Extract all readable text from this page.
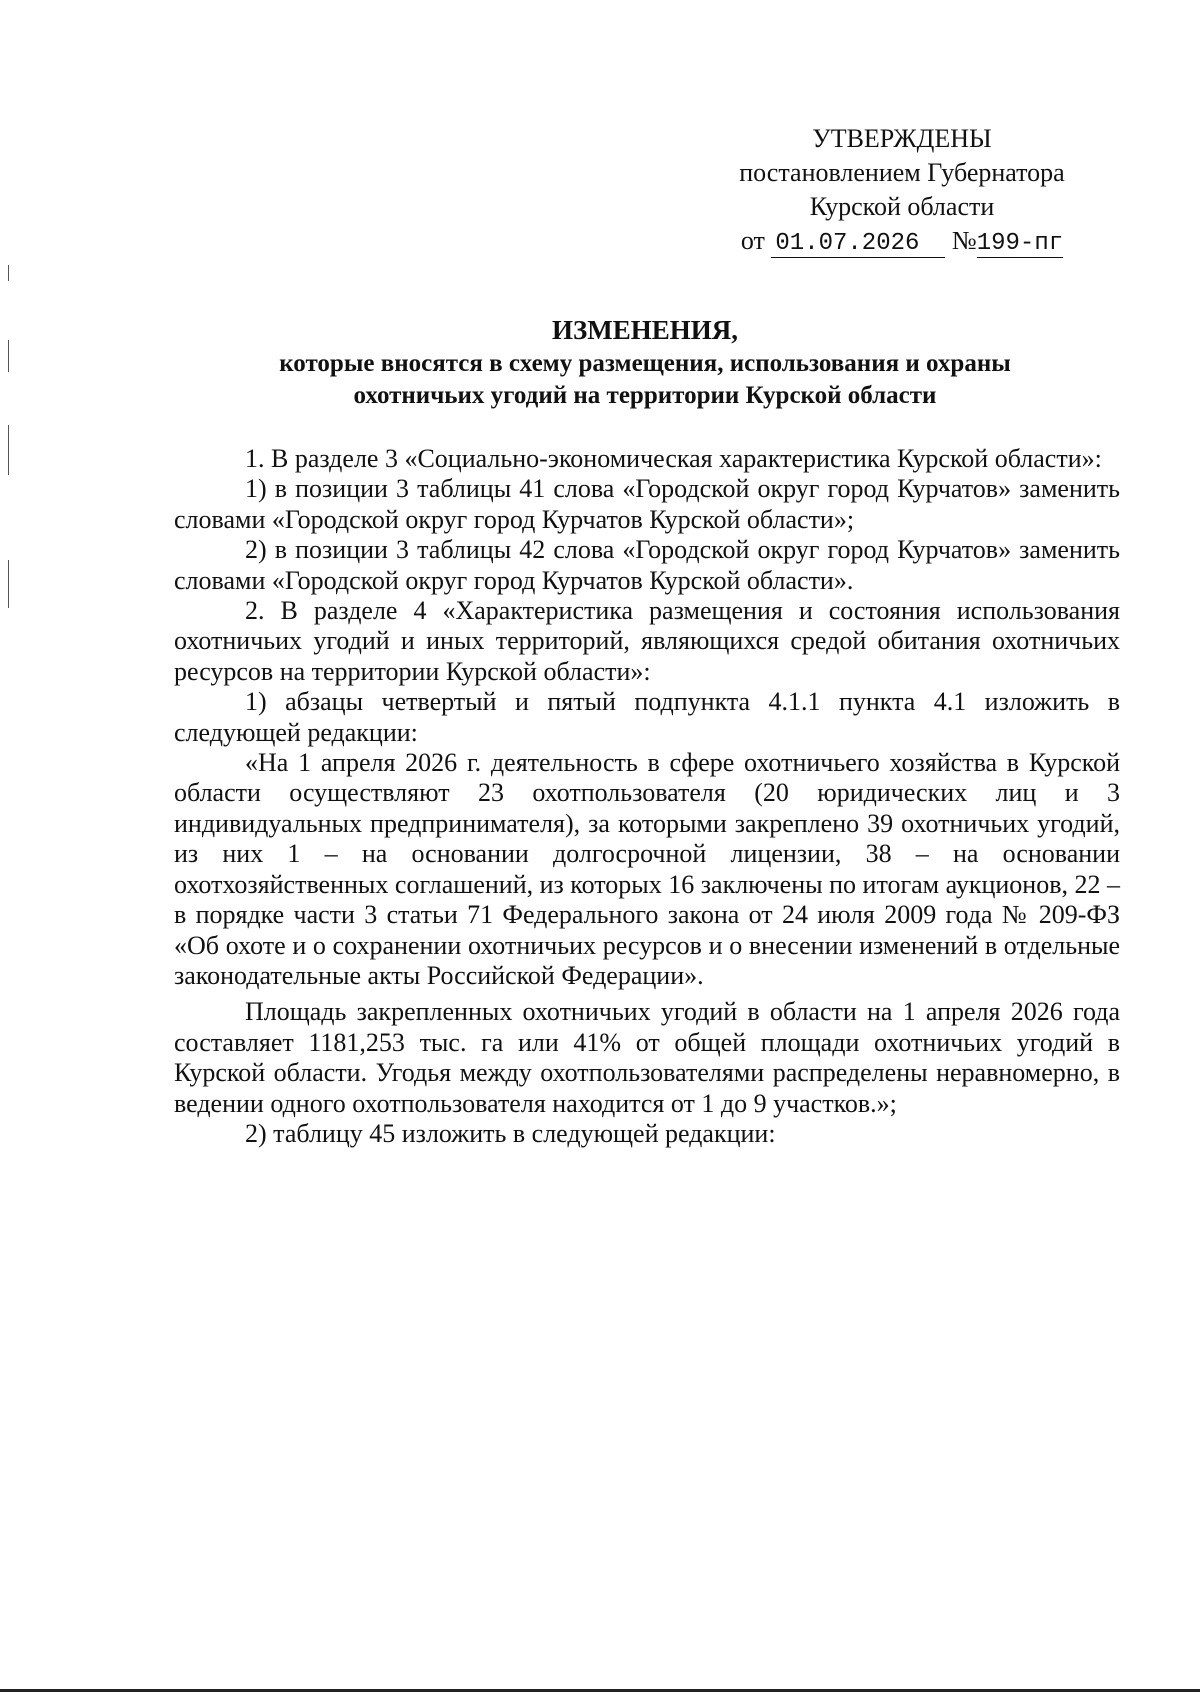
УТВЕРЖДЕНЫ
постановлением Губернатора
Курской области
от 01.07.2026 №199-пг
ИЗМЕНЕНИЯ,
которые вносятся в схему размещения, использования и охраны
охотничьих угодий на территории Курской области

1. В разделе 3 «Социально-экономическая характеристика Курской области»:

1) в позиции 3 таблицы 41 слова «Городской округ город Курчатов» заменить словами «Городской округ город Курчатов Курской области»;

2) в позиции 3 таблицы 42 слова «Городской округ город Курчатов» заменить словами «Городской округ город Курчатов Курской области».

2. В разделе 4 «Характеристика размещения и состояния использования охотничьих угодий и иных территорий, являющихся средой обитания охотничьих ресурсов на территории Курской области»:

1) абзацы четвертый и пятый подпункта 4.1.1 пункта 4.1 изложить в следующей редакции:

«На 1 апреля 2026 г. деятельность в сфере охотничьего хозяйства в Курской области осуществляют 23 охотпользователя (20 юридических лиц и 3 индивидуальных предпринимателя), за которыми закреплено 39 охотничьих угодий, из них 1 – на основании долгосрочной лицензии, 38 – на основании охотхозяйственных соглашений, из которых 16 заключены по итогам аукционов, 22 – в порядке части 3 статьи 71 Федерального закона от 24 июля 2009 года № 209-ФЗ «Об охоте и о сохранении охотничьих ресурсов и о внесении изменений в отдельные законодательные акты Российской Федерации».

Площадь закрепленных охотничьих угодий в области на 1 апреля 2026 года составляет 1181,253 тыс. га или 41% от общей площади охотничьих угодий в Курской области. Угодья между охотпользователями распределены неравномерно, в ведении одного охотпользователя находится от 1 до 9 участков.»;

2) таблицу 45 изложить в следующей редакции:
